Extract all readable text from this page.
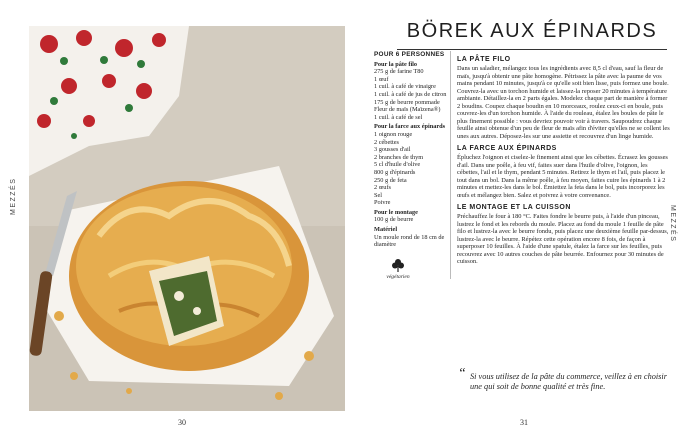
MEZZÉS
30
BÖREK AUX ÉPINARDS
POUR 6 PERSONNES
Pour la pâte filo
275 g de farine T80
1 œuf
1 cuil. à café de vinaigre
1 cuil. à café de jus de citron
175 g de beurre pommade
Fleur de maïs (Maïzena®)
1 cuil. à café de sel
Pour la farce aux épinards
1 oignon rouge
2 cébettes
3 gousses d'ail
2 branches de thym
5 cl d'huile d'olive
800 g d'épinards
250 g de feta
2 œufs
Sel
Poivre
Pour le montage
100 g de beurre
Matériel
Un moule rond de 18 cm de diamètre
végétarien
LA PÂTE FILO

Dans un saladier, mélangez tous les ingrédients avec 8,5 cl d'eau, sauf la fleur de maïs, jusqu'à obtenir une pâte homogène. Pétrissez la pâte avec la paume de vos mains pendant 10 minutes, jusqu'à ce qu'elle soit bien lisse, puis formez une boule. Couvrez-la avec un torchon humide et laissez-la reposer 20 minutes à température ambiante. Détaillez-la en 2 parts égales. Modelez chaque part de manière à former 2 boudins. Coupez chaque boudin en 10 morceaux, roulez ceux-ci en boule, puis couvrez-les d'un torchon humide. À l'aide du rouleau, étalez les boules de pâte le plus finement possible : vous devriez pouvoir voir à travers. Saupoudrez chaque feuille ainsi obtenue d'un peu de fleur de maïs afin d'éviter qu'elles ne se collent les unes aux autres. Déposez-les sur une assiette et recouvrez d'un linge humide.

LA FARCE AUX ÉPINARDS

Épluchez l'oignon et ciselez-le finement ainsi que les cébettes. Écrasez les gousses d'ail. Dans une poêle, à feu vif, faites suer dans l'huile d'olive, l'oignon, les cébettes, l'ail et le thym, pendant 5 minutes. Retirez le thym et l'ail, puis placez le tout dans un bol. Dans la même poêle, à feu moyen, faites cuire les épinards 1 à 2 minutes et mettez-les dans le bol. Émiettez la feta dans le bol, puis incorporez les œufs et mélangez bien. Salez et poivrez à votre convenance.

LE MONTAGE ET LA CUISSON

Préchauffez le four à 180 °C. Faites fondre le beurre puis, à l'aide d'un pinceau, lustrez le fond et les rebords du moule. Placez au fond du moule 1 feuille de pâte filo et lustrez-la avec le beurre fondu, puis placez une deuxième feuille par-dessus, lustrez-la avec le beurre. Répétez cette opération encore 8 fois, de façon à superposer 10 feuilles. À l'aide d'une spatule, étalez la farce sur les feuilles, puis recouvrez avec 10 autres couches de pâte beurrée. Enfournez pour 30 minutes de cuisson.

“ Si vous utilisez de la pâte du commerce, veillez à en choisir une qui soit de bonne qualité et très fine.
MEZZÉS
31
